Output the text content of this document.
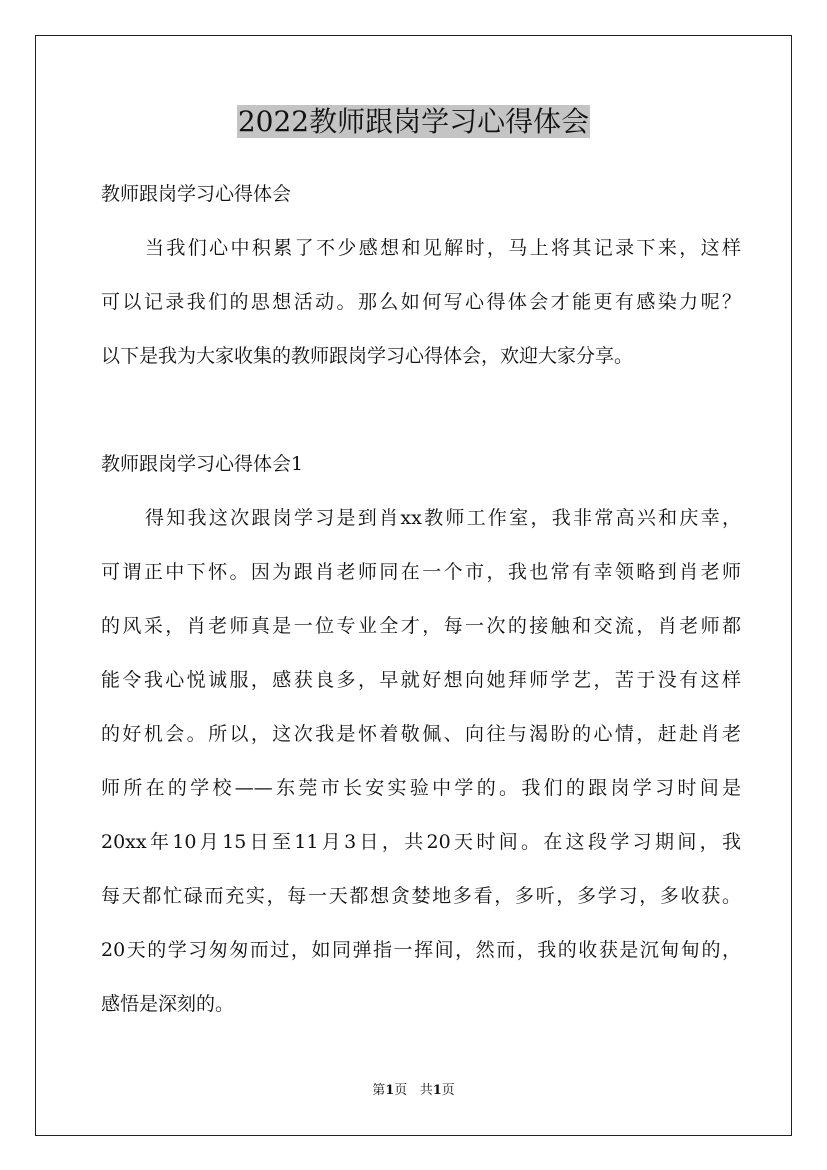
2022教师跟岗学习心得体会

教师跟岗学习心得体会

当我们心中积累了不少感想和见解时，马上将其记录下来，这样

可以记录我们的思想活动。那么如何写心得体会才能更有感染力呢？

以下是我为大家收集的教师跟岗学习心得体会，欢迎大家分享。

教师跟岗学习心得体会1

得知我这次跟岗学习是到肖xx教师工作室，我非常高兴和庆幸，

可谓正中下怀。因为跟肖老师同在一个市，我也常有幸领略到肖老师

的风采，肖老师真是一位专业全才，每一次的接触和交流，肖老师都

能令我心悦诚服，感获良多，早就好想向她拜师学艺，苦于没有这样

的好机会。所以，这次我是怀着敬佩、向往与渴盼的心情，赶赴肖老

师所在的学校——东莞市长安实验中学的。我们的跟岗学习时间是

20xx年10月15日至11月3日，共20天时间。在这段学习期间，我

每天都忙碌而充实，每一天都想贪婪地多看，多听，多学习，多收获。

20天的学习匆匆而过，如同弹指一挥间，然而，我的收获是沉甸甸的，

感悟是深刻的。

第1页 共1页
